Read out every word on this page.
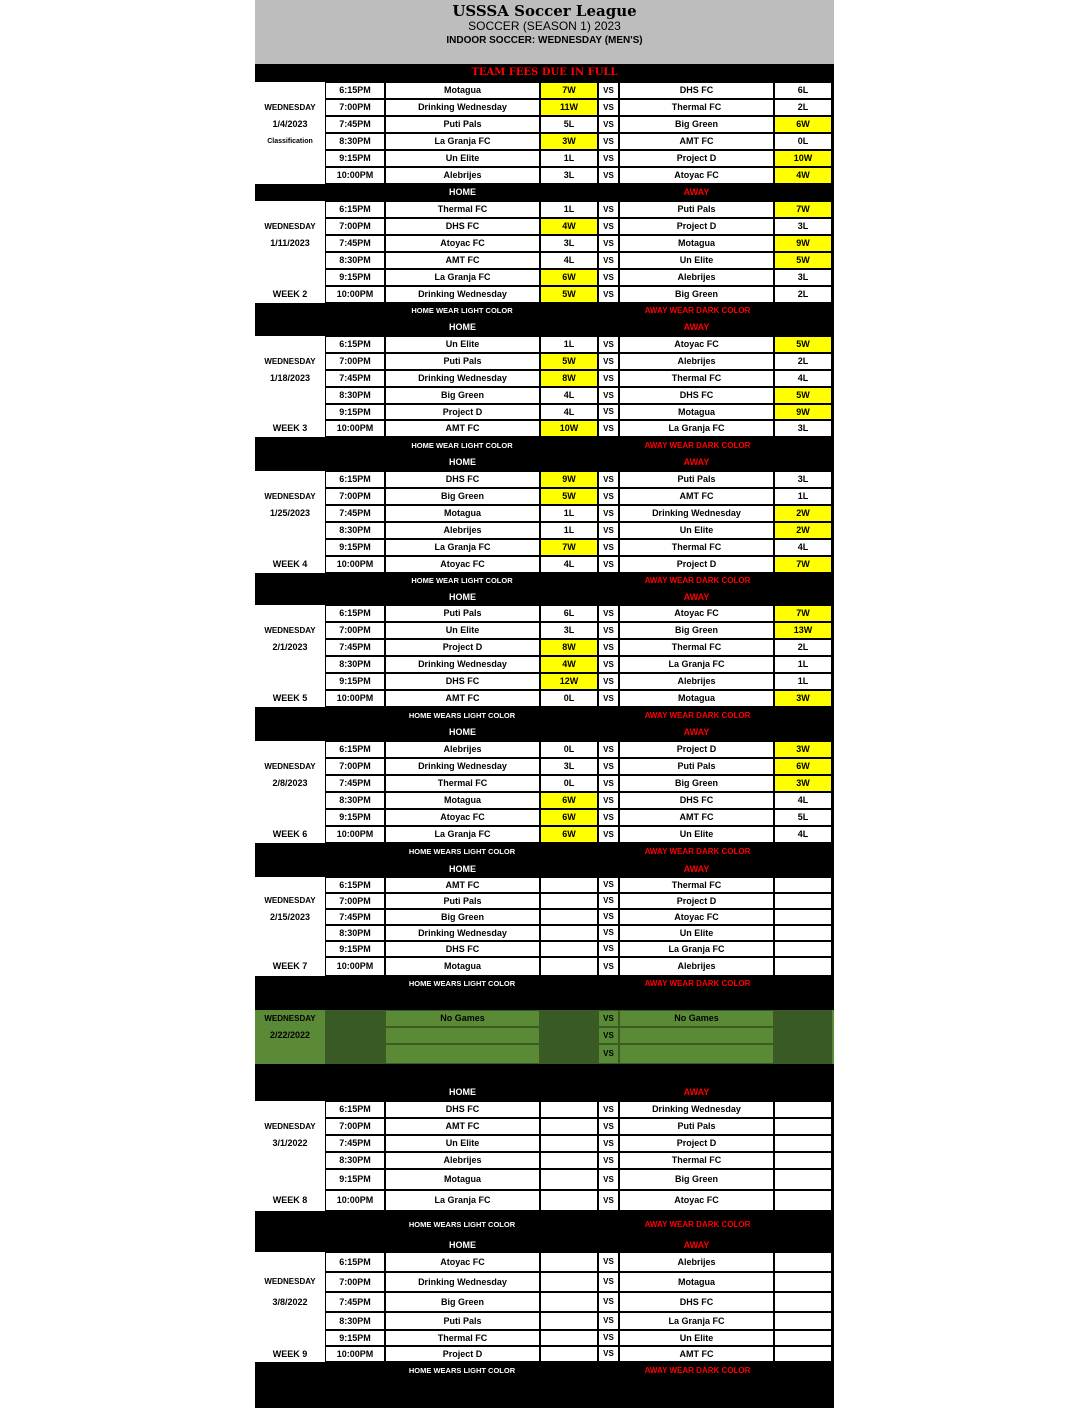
USSSA Soccer League
SOCCER (SEASON 1) 2023
INDOOR SOCCER: WEDNESDAY (MEN'S)
TEAM FEES DUE IN FULL
WEDNESDAY
1/4/2023
Classification
6:15PM	Motagua	7W	VS	DHS FC	6L
7:00PM	Drinking Wednesday	11W	VS	Thermal FC	2L
7:45PM	Puti Pals	5L	VS	Big Green	6W
8:30PM	La Granja FC	3W	VS	AMT FC	0L
9:15PM	Un Elite	1L	VS	Project D	10W
10:00PM	Alebrijes	3L	VS	Atoyac FC	4W
HOME	AWAY
WEDNESDAY
1/11/2023
WEEK 2
6:15PM	Thermal FC	1L	VS	Puti Pals	7W
7:00PM	DHS FC	4W	VS	Project D	3L
7:45PM	Atoyac FC	3L	VS	Motagua	9W
8:30PM	AMT FC	4L	VS	Un Elite	5W
9:15PM	La Granja FC	6W	VS	Alebrijes	3L
10:00PM	Drinking Wednesday	5W	VS	Big Green	2L
HOME WEAR LIGHT COLOR	AWAY WEAR DARK COLOR
HOME	AWAY
WEDNESDAY
1/18/2023
WEEK 3
6:15PM	Un Elite	1L	VS	Atoyac FC	5W
7:00PM	Puti Pals	5W	VS	Alebrijes	2L
7:45PM	Drinking Wednesday	8W	VS	Thermal FC	4L
8:30PM	Big Green	4L	VS	DHS FC	5W
9:15PM	Project D	4L	VS	Motagua	9W
10:00PM	AMT FC	10W	VS	La Granja FC	3L
HOME WEAR LIGHT COLOR	AWAY WEAR DARK COLOR
HOME	AWAY
WEDNESDAY
1/25/2023
WEEK 4
6:15PM	DHS FC	9W	VS	Puti Pals	3L
7:00PM	Big Green	5W	VS	AMT FC	1L
7:45PM	Motagua	1L	VS	Drinking Wednesday	2W
8:30PM	Alebrijes	1L	VS	Un Elite	2W
9:15PM	La Granja FC	7W	VS	Thermal FC	4L
10:00PM	Atoyac FC	4L	VS	Project D	7W
HOME WEAR LIGHT COLOR	AWAY WEAR DARK COLOR
HOME	AWAY
WEDNESDAY
2/1/2023
WEEK 5
6:15PM	Puti Pals	6L	VS	Atoyac FC	7W
7:00PM	Un Elite	3L	VS	Big Green	13W
7:45PM	Project D	8W	VS	Thermal FC	2L
8:30PM	Drinking Wednesday	4W	VS	La Granja FC	1L
9:15PM	DHS FC	12W	VS	Alebrijes	1L
10:00PM	AMT FC	0L	VS	Motagua	3W
HOME WEARS LIGHT COLOR	AWAY WEAR DARK COLOR
HOME	AWAY
WEDNESDAY
2/8/2023
WEEK 6
6:15PM	Alebrijes	0L	VS	Project D	3W
7:00PM	Drinking Wednesday	3L	VS	Puti Pals	6W
7:45PM	Thermal FC	0L	VS	Big Green	3W
8:30PM	Motagua	6W	VS	DHS FC	4L
9:15PM	Atoyac FC	6W	VS	AMT FC	5L
10:00PM	La Granja FC	6W	VS	Un Elite	4L
HOME WEARS LIGHT COLOR	AWAY WEAR DARK COLOR
HOME	AWAY
WEDNESDAY
2/15/2023
WEEK 7
6:15PM	AMT FC	VS	Thermal FC
7:00PM	Puti Pals	VS	Project D
7:45PM	Big Green	VS	Atoyac FC
8:30PM	Drinking Wednesday	VS	Un Elite
9:15PM	DHS FC	VS	La Granja FC
10:00PM	Motagua	VS	Alebrijes
HOME WEARS LIGHT COLOR	AWAY WEAR DARK COLOR
No Games	VS	No Games
VS
VS
WEDNESDAY
2/22/2022
HOME	AWAY
WEDNESDAY
3/1/2022
WEEK 8
6:15PM	DHS FC	VS	Drinking Wednesday
7:00PM	AMT FC	VS	Puti Pals
7:45PM	Un Elite	VS	Project D
8:30PM	Alebrijes	VS	Thermal FC
9:15PM	Motagua	VS	Big Green
10:00PM	La Granja FC	VS	Atoyac FC
HOME WEARS LIGHT COLOR	AWAY WEAR DARK COLOR
HOME	AWAY
WEDNESDAY
3/8/2022
WEEK 9
6:15PM	Atoyac FC	VS	Alebrijes
7:00PM	Drinking Wednesday	VS	Motagua
7:45PM	Big Green	VS	DHS FC
8:30PM	Puti Pals	VS	La Granja FC
9:15PM	Thermal FC	VS	Un Elite
10:00PM	Project D	VS	AMT FC
HOME WEARS LIGHT COLOR	AWAY WEAR DARK COLOR
